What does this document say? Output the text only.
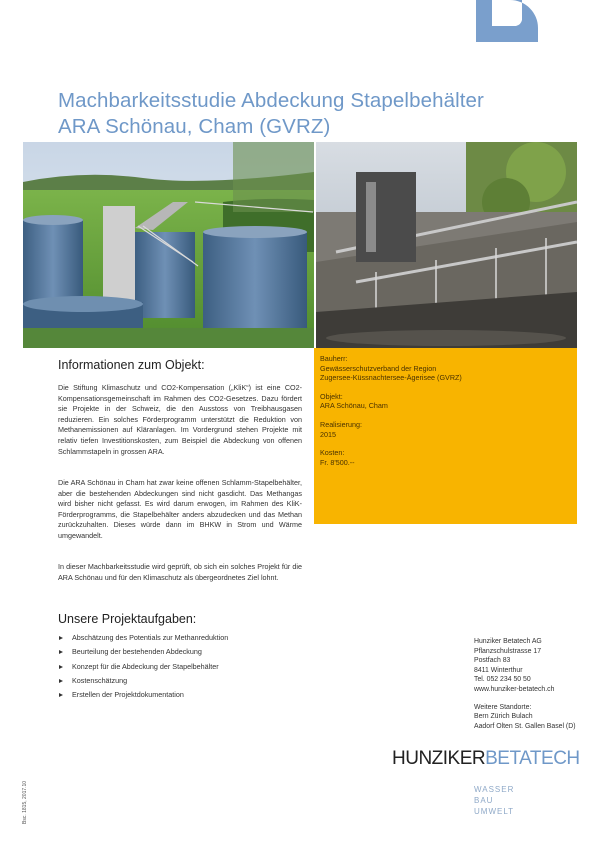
Machbarkeitsstudie Abdeckung Stapelbehälter
ARA Schönau, Cham (GVRZ)
Informationen zum Objekt:

Die Stiftung Klimaschutz und CO2-Kompensation („KliK“) ist eine CO2-Kompensationsgemeinschaft im Rahmen des CO2-Gesetzes. Dazu fördert sie Projekte in der Schweiz, die den Ausstoss von Treibhausgasen reduzieren. Ein solches Förderprogramm unterstützt die Reduktion von Methanemissionen auf Kläranlagen. Im Vordergrund stehen Projekte mit relativ tiefen Investitionskosten, zum Beispiel die Abdeckung von offenen Schlammstapeln in grossen ARA.

Die ARA Schönau in Cham hat zwar keine offenen Schlamm-Stapelbehälter, aber die bestehenden Abdeckungen sind nicht gasdicht. Das Methangas wird bisher nicht gefasst. Es wird darum erwogen, im Rahmen des KliK-Förderprogramms, die Stapelbehälter anders abzudecken und das Methan zurückzuhalten. Dieses würde dann im BHKW in Strom und Wärme umgewandelt.

In dieser Machbarkeitsstudie wird geprüft, ob sich ein solches Projekt für die ARA Schönau und für den Klimaschutz als übergeordnetes Ziel lohnt.

Bauherr:
Gewässerschutzverband der Region
Zugersee-Küssnachtersee-Ägerisee (GVRZ)
Objekt:
ARA Schönau, Cham
Realisierung:
2015
Kosten:
Fr. 8'500.--
Unsere Projektaufgaben:
Abschätzung des Potentials zur Methanreduktion
Beurteilung der bestehenden Abdeckung
Konzept für die Abdeckung der Stapelbehälter
Kostenschätzung
Erstellen der Projektdokumentation
Hunziker Betatech AG
Pflanzschulstrasse 17
Postfach 83
8411 Winterthur
Tel. 052 234 50 50
www.hunziker-betatech.ch
Weitere Standorte:
Bern Zürich Bulach
Aadorf Olten St. Gallen Basel (D)
HUNZIKERBETATECH
WASSER
BAU
UMWELT
Bsc. 1815, 2017.10
